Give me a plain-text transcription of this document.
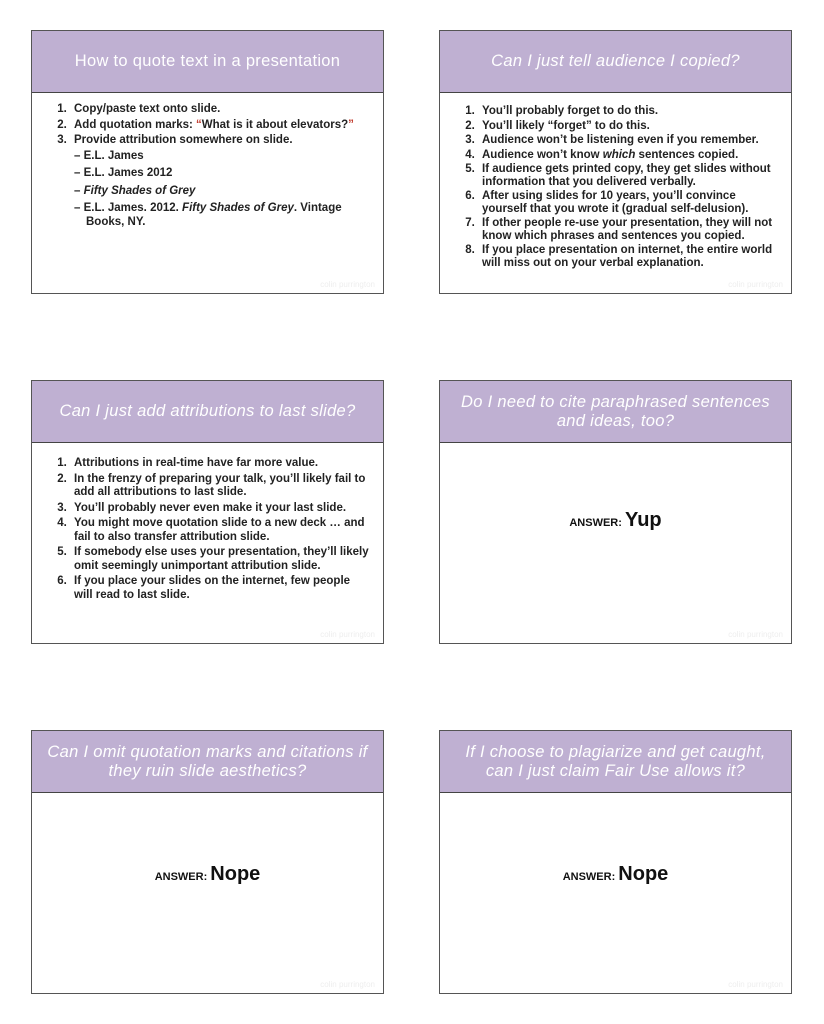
How to quote text in a presentation
1. Copy/paste text onto slide.
2. Add quotation marks: “What is it about elevators?”
3. Provide attribution somewhere on slide.
– E.L. James
– E.L. James 2012
– Fifty Shades of Grey
– E.L. James. 2012. Fifty Shades of Grey. Vintage Books, NY.
colin purrington
Can I just tell audience I copied?
1. You’ll probably forget to do this.
2. You’ll likely “forget” to do this.
3. Audience won’t be listening even if you remember.
4. Audience won’t know which sentences copied.
5. If audience gets printed copy, they get slides without information that you delivered verbally.
6. After using slides for 10 years, you’ll convince yourself that you wrote it (gradual self-delusion).
7. If other people re-use your presentation, they will not know which phrases and sentences you copied.
8. If you place presentation on internet, the entire world will miss out on your verbal explanation.
colin purrington
Can I just add attributions to last slide?
1. Attributions in real-time have far more value.
2. In the frenzy of preparing your talk, you’ll likely fail to add all attributions to last slide.
3. You’ll probably never even make it your last slide.
4. You might move quotation slide to a new deck … and fail to also transfer attribution slide.
5. If somebody else uses your presentation, they’ll likely omit seemingly unimportant attribution slide.
6. If you place your slides on the internet, few people will read to last slide.
colin purrington
Do I need to cite paraphrased sentences and ideas, too?
ANSWER: Yup
colin purrington
Can I omit quotation marks and citations if they ruin slide aesthetics?
ANSWER: Nope
colin purrington
If I choose to plagiarize and get caught, can I just claim Fair Use allows it?
ANSWER: Nope
colin purrington
